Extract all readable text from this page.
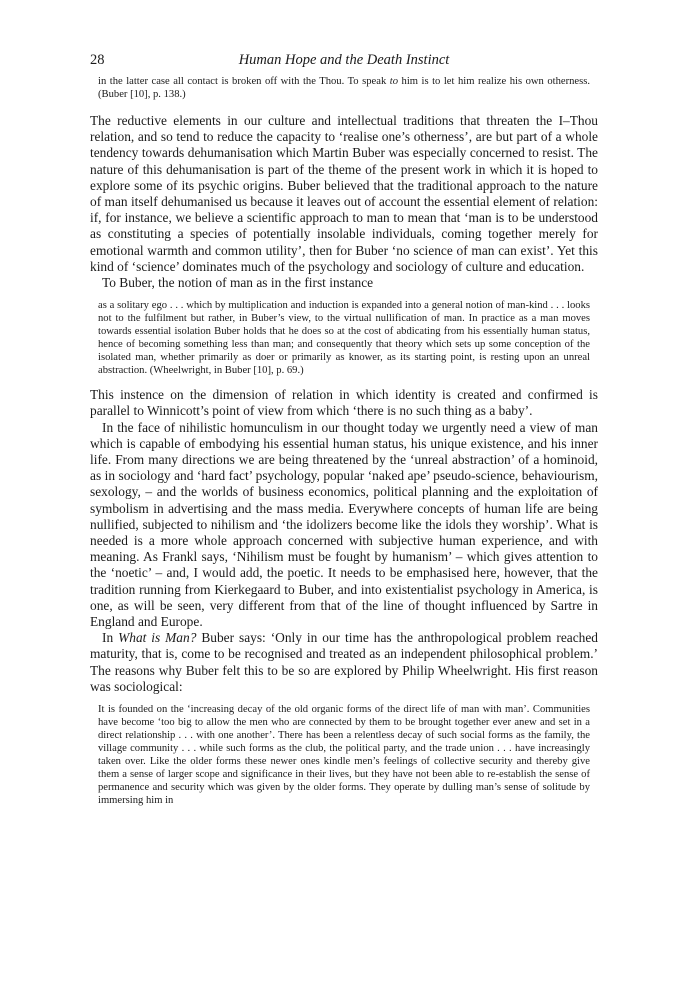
28	Human Hope and the Death Instinct

in the latter case all contact is broken off with the Thou. To speak to him is to let him realize his own otherness. (Buber [10], p. 138.)

The reductive elements in our culture and intellectual traditions that threaten the I–Thou relation, and so tend to reduce the capacity to ‘realise one’s otherness’, are but part of a whole tendency towards dehumanisation which Martin Buber was especially concerned to resist. The nature of this dehumanisation is part of the theme of the present work in which it is hoped to explore some of its psychic origins. Buber believed that the traditional approach to the nature of man itself dehumanised us because it leaves out of account the essential element of relation: if, for instance, we believe a scientific approach to man to mean that ‘man is to be understood as constituting a species of potentially insolable individuals, coming together merely for emotional warmth and common utility’, then for Buber ‘no science of man can exist’. Yet this kind of ‘science’ dominates much of the psychology and sociology of culture and education.

To Buber, the notion of man as in the first instance

as a solitary ego . . . which by multiplication and induction is expanded into a general notion of man-kind . . . looks not to the fulfilment but rather, in Buber’s view, to the virtual nullification of man. In practice as a man moves towards essential isolation Buber holds that he does so at the cost of abdicating from his essentially human status, hence of becoming something less than man; and consequently that theory which sets up some conception of the isolated man, whether primarily as doer or primarily as knower, as its starting point, is resting upon an unreal abstraction. (Wheelwright, in Buber [10], p. 69.)

This instence on the dimension of relation in which identity is created and confirmed is parallel to Winnicott’s point of view from which ‘there is no such thing as a baby’.

In the face of nihilistic homunculism in our thought today we urgently need a view of man which is capable of embodying his essential human status, his unique existence, and his inner life. From many directions we are being threatened by the ‘unreal abstraction’ of a hominoid, as in sociology and ‘hard fact’ psychology, popular ‘naked ape’ pseudo-science, behaviourism, sexology, – and the worlds of business economics, political planning and the exploitation of symbolism in advertising and the mass media. Everywhere concepts of human life are being nullified, subjected to nihilism and ‘the idolizers become like the idols they worship’. What is needed is a more whole approach concerned with subjective human experience, and with meaning. As Frankl says, ‘Nihilism must be fought by humanism’ – which gives attention to the ‘noetic’ – and, I would add, the poetic. It needs to be emphasised here, however, that the tradition running from Kierkegaard to Buber, and into existentialist psychology in America, is one, as will be seen, very different from that of the line of thought influenced by Sartre in England and Europe.

In What is Man? Buber says: ‘Only in our time has the anthropological problem reached maturity, that is, come to be recognised and treated as an independent philosophical problem.’ The reasons why Buber felt this to be so are explored by Philip Wheelwright. His first reason was sociological:

It is founded on the ‘increasing decay of the old organic forms of the direct life of man with man’. Communities have become ‘too big to allow the men who are connected by them to be brought together ever anew and set in a direct relationship . . . with one another’. There has been a relentless decay of such social forms as the family, the village community . . . while such forms as the club, the political party, and the trade union . . . have increasingly taken over. Like the older forms these newer ones kindle men’s feelings of collective security and thereby give them a sense of larger scope and significance in their lives, but they have not been able to re-establish the sense of permanence and security which was given by the older forms. They operate by dulling man’s sense of solitude by immersing him in
